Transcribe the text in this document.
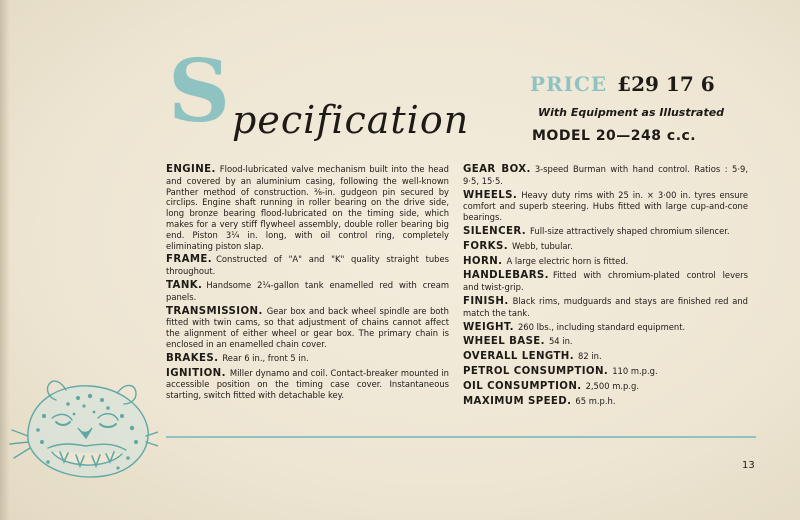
S pecification
PRICE £29 17 6
With Equipment as Illustrated
MODEL 20—248 c.c.
ENGINE. Flood-lubricated valve mechanism built into the head and covered by an aluminium casing, following the well-known Panther method of construction. ⅜-in. gudgeon pin secured by circlips. Engine shaft running in roller bearing on the drive side, long bronze bearing flood-lubricated on the timing side, which makes for a very stiff flywheel assembly, double roller bearing big end. Piston 3¼ in. long, with oil control ring, completely eliminating piston slap.
FRAME. Constructed of "A" and "K" quality straight tubes throughout.
TANK. Handsome 2¼-gallon tank enamelled red with cream panels.
TRANSMISSION. Gear box and back wheel spindle are both fitted with twin cams, so that adjustment of chains cannot affect the alignment of either wheel or gear box. The primary chain is enclosed in an enamelled chain cover.
BRAKES. Rear 6 in., front 5 in.
IGNITION. Miller dynamo and coil. Contact-breaker mounted in accessible position on the timing case cover. Instantaneous starting, switch fitted with detachable key.
GEAR BOX. 3-speed Burman with hand control. Ratios : 5·9, 9·5, 15·5.
WHEELS. Heavy duty rims with 25 in. × 3·00 in. tyres ensure comfort and superb steering. Hubs fitted with large cup-and-cone bearings.
SILENCER. Full-size attractively shaped chromium silencer.
FORKS. Webb, tubular.
HORN. A large electric horn is fitted.
HANDLEBARS. Fitted with chromium-plated control levers and twist-grip.
FINISH. Black rims, mudguards and stays are finished red and match the tank.
WEIGHT. 260 lbs., including standard equipment.
WHEEL BASE. 54 in.
OVERALL LENGTH. 82 in.
PETROL CONSUMPTION. 110 m.p.g.
OIL CONSUMPTION. 2,500 m.p.g.
MAXIMUM SPEED. 65 m.p.h.
13
